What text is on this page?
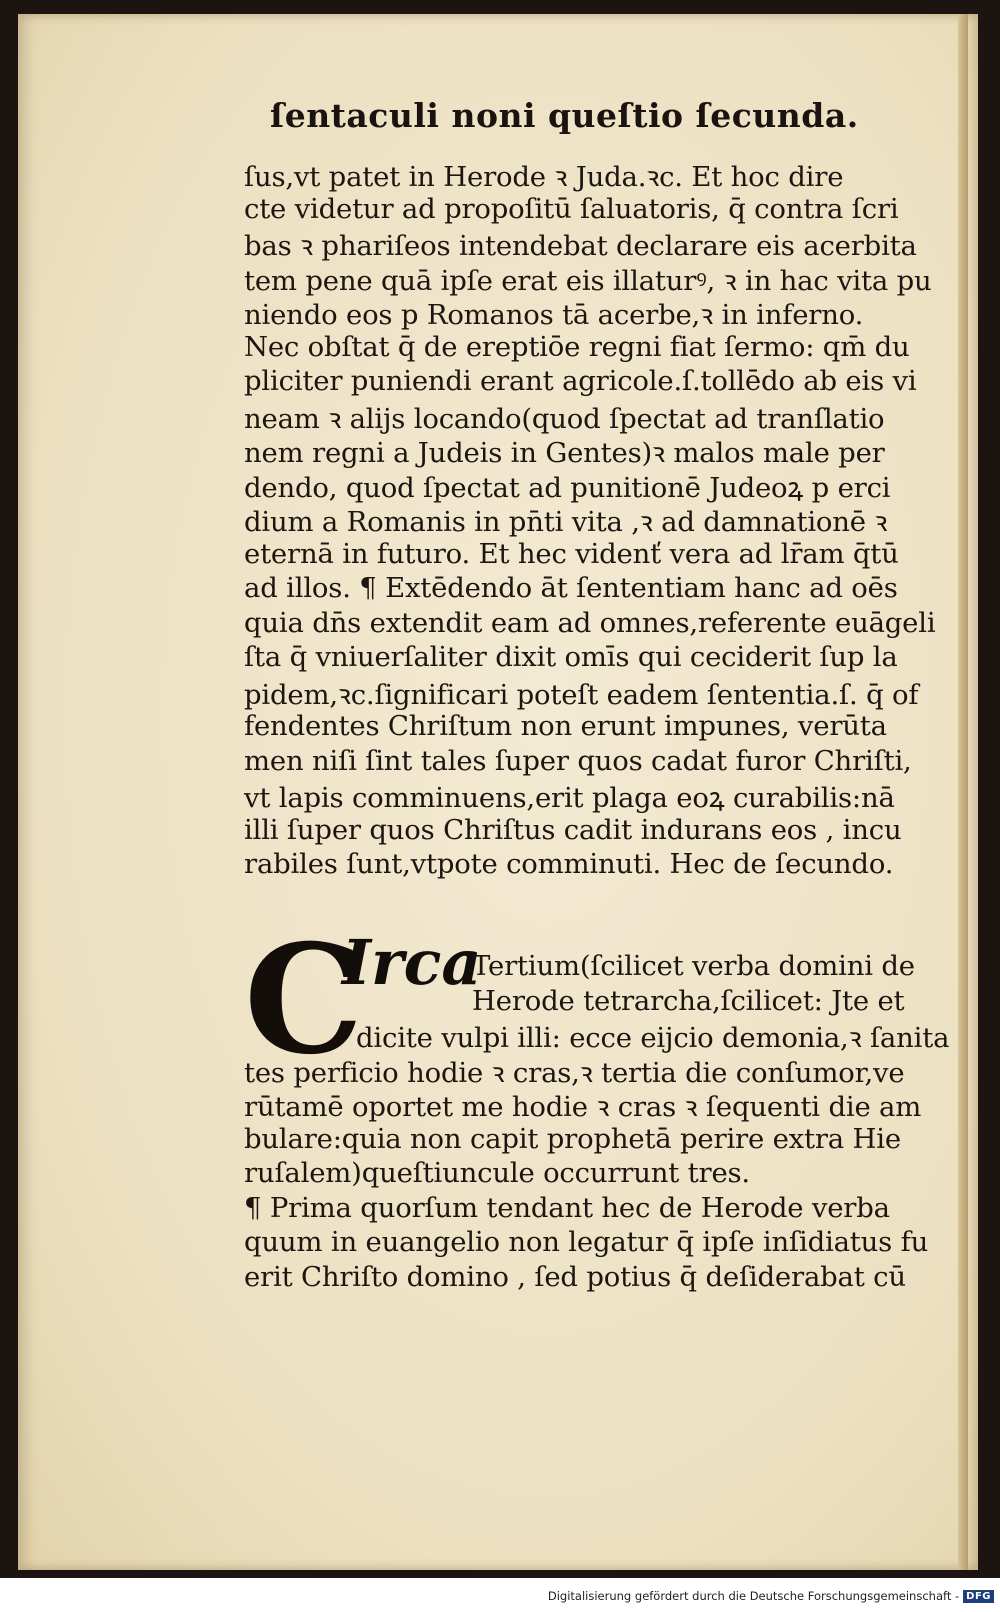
ſentaculi noni queſtio ſecunda.
ſus,vt patet in Herode ꝛ Juda.ꝛc. Et hoc dire
cte videtur ad propoſitū ſaluatoris, q̄ contra ſcri
bas ꝛ phariſeos intendebat declarare eis acerbita
tem pene quā ipſe erat eis illaturꝰ, ꝛ in hac vita pu
niendo eos p Romanos tā acerbe,ꝛ in inferno.
Nec obſtat q̄ de ereptiōe regni fiat ſermo: qm̄ du
pliciter puniendi erant agricole.ſ.tollēdo ab eis vi
neam ꝛ alijs locando(quod ſpectat ad tranſlatio
nem regni a Judeis in Gentes)ꝛ malos male per
dendo, quod ſpectat ad punitionē Judeoꝝ p erci
dium a Romanis in pn̄ti vita ,ꝛ ad damnationē ꝛ
eternā in futuro. Et hec videnť vera ad lr̄am q̄tū
ad illos. ¶ Extēdendo āt ſententiam hanc ad oēs
quia dn̄s extendit eam ad omnes,referente euāgeli
ſta q̄ vniuerſaliter dixit omīs qui ceciderit ſup la
pidem,ꝛc.ſignificari poteſt eadem ſententia.ſ. q̄ of
fendentes Chriſtum non erunt impunes, verūta
men niſi ſint tales ſuper quos cadat furor Chriſti,
vt lapis comminuens,erit plaga eoꝝ curabilis:nā
illi ſuper quos Chriſtus cadit indurans eos , incu
rabiles ſunt,vtpote comminuti. Hec de ſecundo.
C
Irca
Tertium(ſcilicet verba domini de
Herode tetrarcha,ſcilicet: Jte et
dicite vulpi illi: ecce eijcio demonia,ꝛ ſanita
tes perficio hodie ꝛ cras,ꝛ tertia die conſumor,ve
rūtamē oportet me hodie ꝛ cras ꝛ ſequenti die am
bulare:quia non capit prophetā perire extra Hie
ruſalem)queſtiuncule occurrunt tres.
¶ Prima quorſum tendant hec de Herode verba
quum in euangelio non legatur q̄ ipſe inſidiatus fu
erit Chriſto domino , ſed potius q̄ deſiderabat cū
Digitalisierung gefördert durch die Deutsche Forschungsgemeinschaft - DFG
